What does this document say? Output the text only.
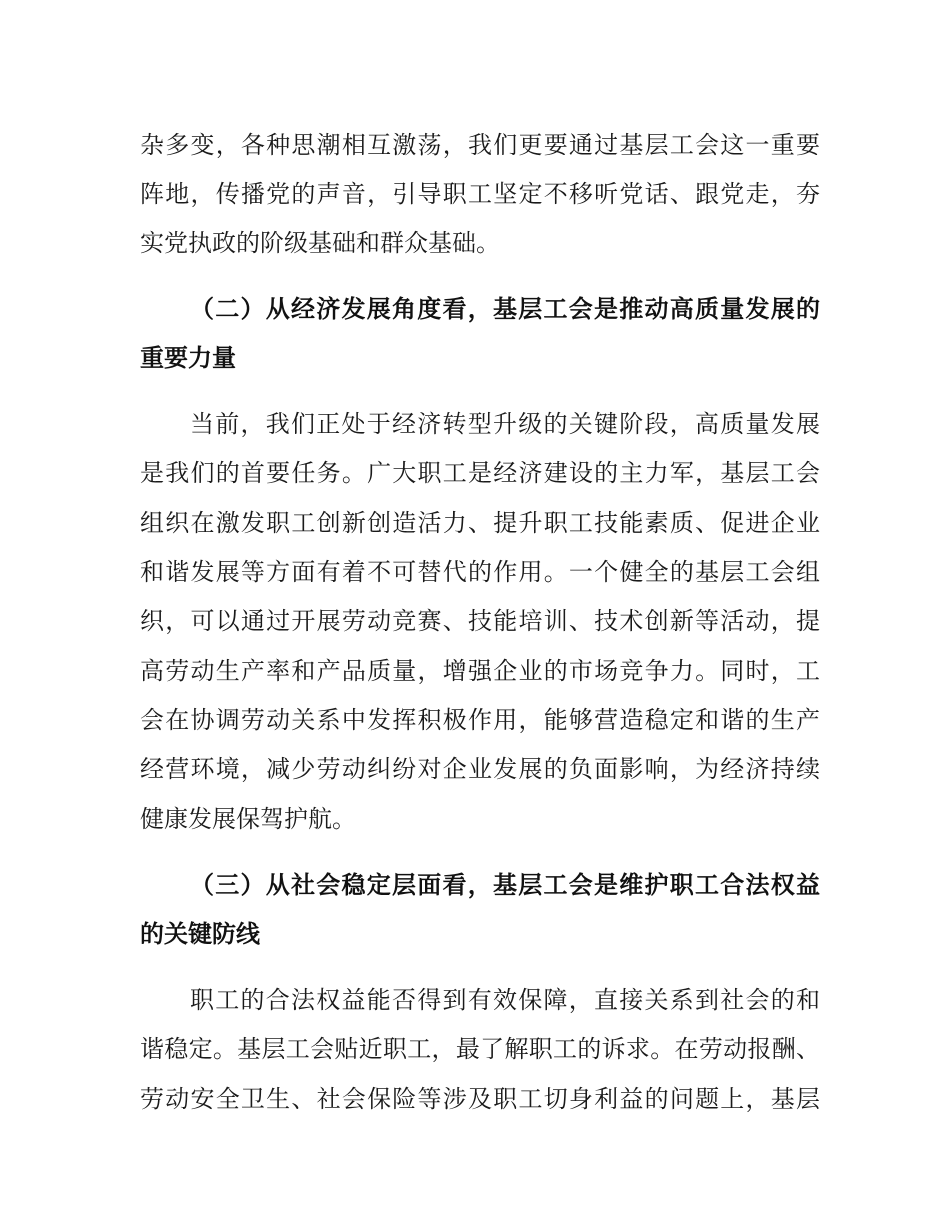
杂多变，各种思潮相互激荡，我们更要通过基层工会这一重要
阵地，传播党的声音，引导职工坚定不移听党话、跟党走，夯
实党执政的阶级基础和群众基础。
（二）从经济发展角度看，基层工会是推动高质量发展的
重要力量
当前，我们正处于经济转型升级的关键阶段，高质量发展
是我们的首要任务。广大职工是经济建设的主力军，基层工会
组织在激发职工创新创造活力、提升职工技能素质、促进企业
和谐发展等方面有着不可替代的作用。一个健全的基层工会组
织，可以通过开展劳动竞赛、技能培训、技术创新等活动，提
高劳动生产率和产品质量，增强企业的市场竞争力。同时，工
会在协调劳动关系中发挥积极作用，能够营造稳定和谐的生产
经营环境，减少劳动纠纷对企业发展的负面影响，为经济持续
健康发展保驾护航。
（三）从社会稳定层面看，基层工会是维护职工合法权益
的关键防线
职工的合法权益能否得到有效保障，直接关系到社会的和
谐稳定。基层工会贴近职工，最了解职工的诉求。在劳动报酬、
劳动安全卫生、社会保险等涉及职工切身利益的问题上，基层
